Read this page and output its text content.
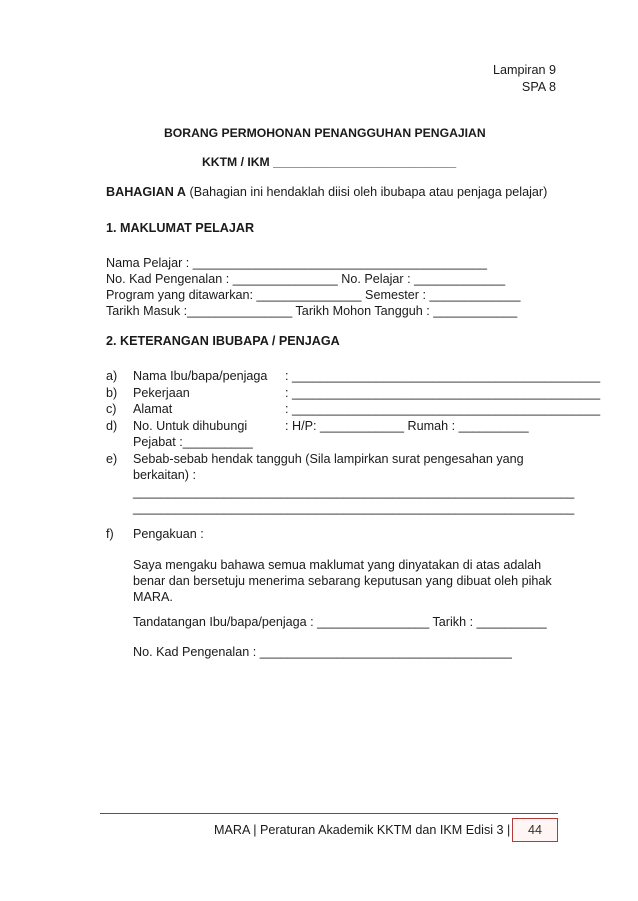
Lampiran 9
SPA 8
BORANG PERMOHONAN PENANGGUHAN PENGAJIAN
KKTM / IKM ___________________________
BAHAGIAN A (Bahagian ini hendaklah diisi oleh ibubapa atau penjaga pelajar)
1. MAKLUMAT PELAJAR
Nama Pelajar : __________________________________________
No. Kad Pengenalan : _______________ No. Pelajar : _____________
Program yang ditawarkan: _______________ Semester : _____________
Tarikh Masuk :_______________ Tarikh Mohon Tangguh : ____________
2. KETERANGAN IBUBAPA / PENJAGA
a) Nama Ibu/bapa/penjaga : ____________________________________________
b) Pekerjaan	: ____________________________________________
c) Alamat	: ____________________________________________
d) No. Untuk dihubungi	: H/P: ____________ Rumah : __________
Pejabat :__________
e) Sebab-sebab hendak tangguh (Sila lampirkan surat pengesahan yang
berkaitan) :
_______________________________________________________________
_______________________________________________________________
f) Pengakuan :
Saya mengaku bahawa semua maklumat yang dinyatakan di atas adalah
benar dan bersetuju menerima sebarang keputusan yang dibuat oleh pihak
MARA.
Tandatangan Ibu/bapa/penjaga : ________________ Tarikh : __________
No. Kad Pengenalan : ____________________________________
MARA | Peraturan Akademik KKTM dan IKM Edisi 3 |	44
